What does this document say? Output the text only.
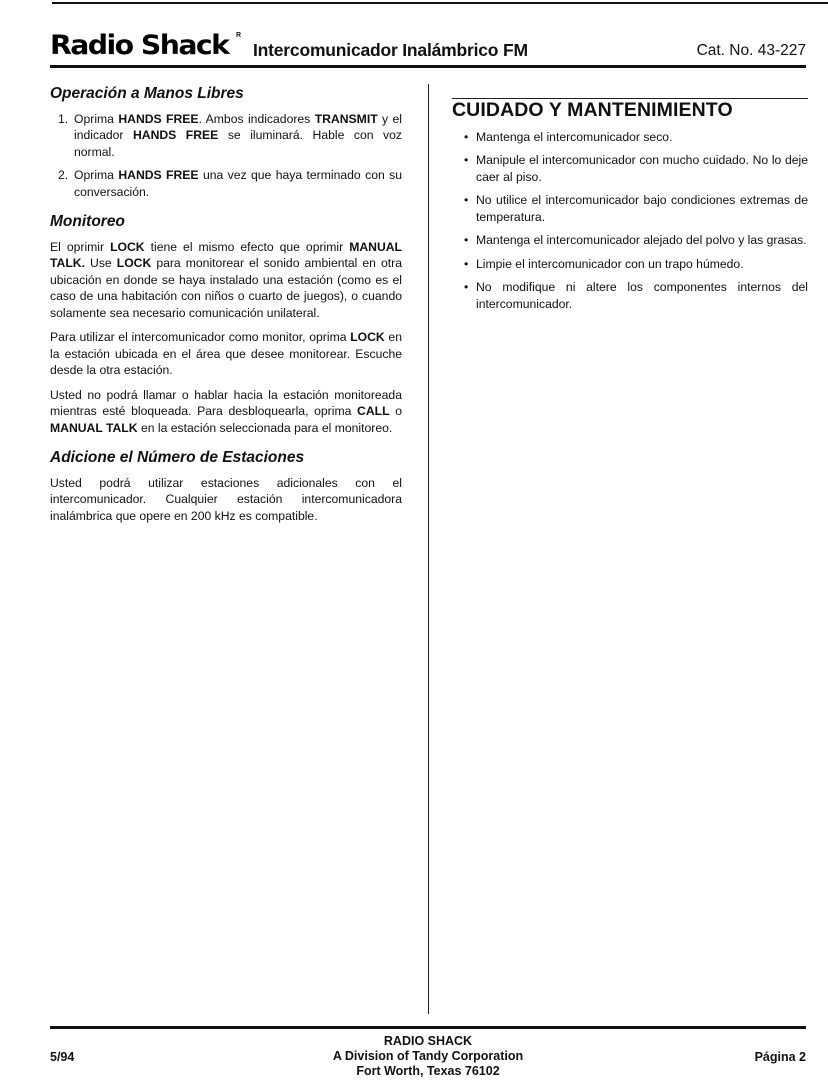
Radio Shack R
Intercomunicador Inalámbrico FM	Cat. No. 43-227
Operación a Manos Libres
1. Oprima HANDS FREE. Ambos indicadores TRANSMIT y el indicador HANDS FREE se iluminará. Hable con voz normal.
2. Oprima HANDS FREE una vez que haya terminado con su conversación.
Monitoreo

El oprimir LOCK tiene el mismo efecto que oprimir MANUAL TALK. Use LOCK para monitorear el sonido ambiental en otra ubicación en donde se haya instalado una estación (como es el caso de una habitación con niños o cuarto de juegos), o cuando solamente sea necesario comunicación unilateral.

Para utilizar el intercomunicador como monitor, oprima LOCK en la estación ubicada en el área que desee monitorear. Escuche desde la otra estación.

Usted no podrá llamar o hablar hacia la estación monitoreada mientras esté bloqueada. Para desbloquearla, oprima CALL o MANUAL TALK en la estación seleccionada para el monitoreo.

Adicione el Número de Estaciones

Usted podrá utilizar estaciones adicionales con el intercomunicador. Cualquier estación intercomunicadora inalámbrica que opere en 200 kHz es compatible.

CUIDADO Y MANTENIMIENTO
• Mantenga el intercomunicador seco.
• Manipule el intercomunicador con mucho cuidado. No lo deje caer al piso.
• No utilice el intercomunicador bajo condiciones extremas de temperatura.
• Mantenga el intercomunicador alejado del polvo y las grasas.
• Limpie el intercomunicador con un trapo húmedo.
• No modifique ni altere los componentes internos del intercomunicador.
5/94
RADIO SHACK
A Division of Tandy Corporation
Fort Worth, Texas 76102
Página 2
